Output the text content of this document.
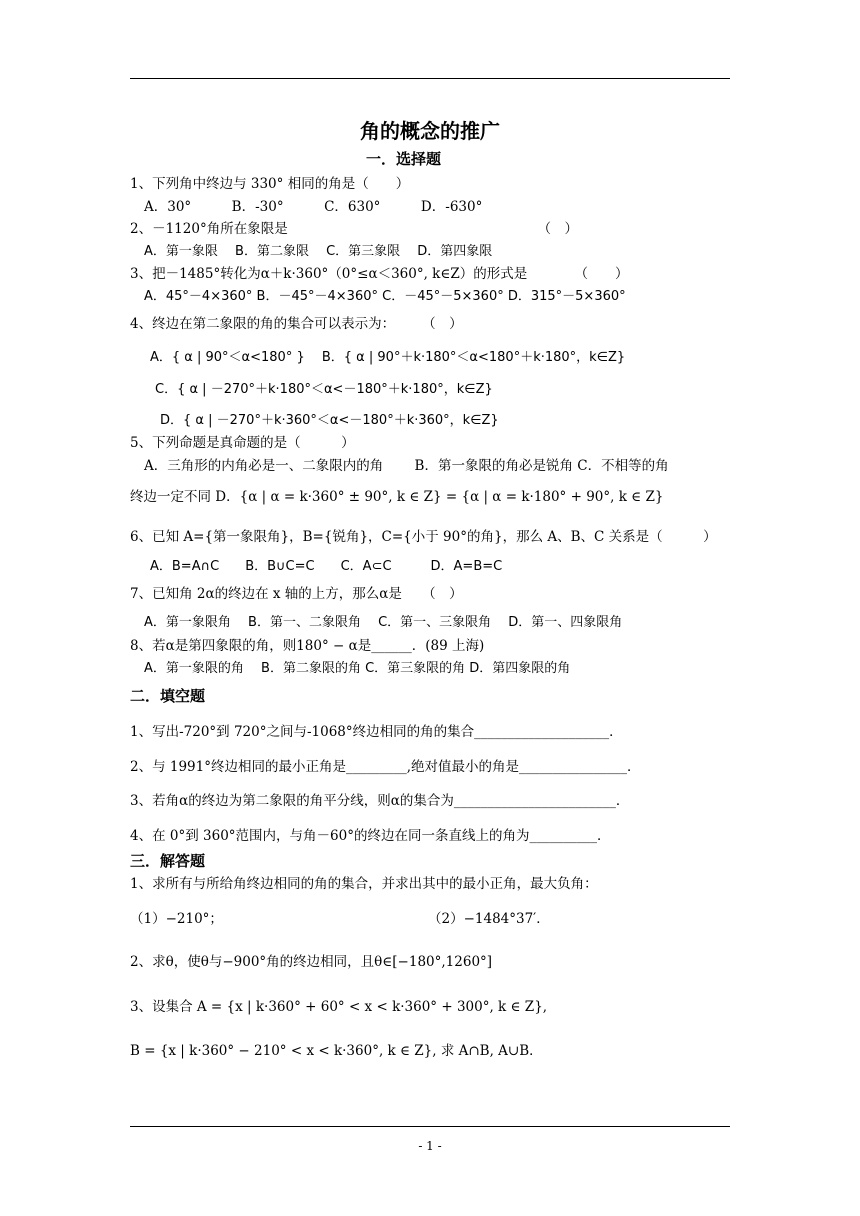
角的概念的推广
一．选择题
1、下列角中终边与 330° 相同的角是（　　）
A．30°　　　B．-30°　　　C．630°　　　D．-630°
2、－1120°角所在象限是　　　　　　　　　　　　　　　　　　　（　）
A．第一象限　 B．第二象限　 C．第三象限　 D．第四象限
3、把－1485°转化为α＋k·360°（0°≤α＜360°, k∈Z）的形式是　　　　（　　）
A．45°－4×360° B．－45°－4×360° C．－45°－5×360° D．315°－5×360°
4、终边在第二象限的角的集合可以表示为：　　　（　）
A．{ α | 90°＜α<180° }　 B．{ α | 90°＋k·180°＜α<180°＋k·180°，k∈Z}
C．{ α | －270°＋k·180°＜α<－180°＋k·180°，k∈Z}
D．{ α | －270°＋k·360°＜α<－180°＋k·360°，k∈Z}
5、下列命题是真命题的是（　　　）
A．三角形的内角必是一、二象限内的角　　 B．第一象限的角必是锐角 C．不相等的角
终边一定不同 D．{α | α = k·360° ± 90°, k ∈ Z} = {α | α = k·180° + 90°, k ∈ Z}
6、已知 A={第一象限角}，B={锐角}，C={小于 90°的角}，那么 A、B、C 关系是（　　　）
A．B=A∩C　　B．B∪C=C　　C．A⊂C　　　D．A=B=C
7、已知角 2α的终边在 x 轴的上方，那么α是　　（　）
A．第一象限角　 B．第一、二象限角　 C．第一、三象限角　 D．第一、四象限角
8、若α是第四象限的角，则180° − α是______．(89 上海)
A．第一象限的角　 B．第二象限的角 C．第三象限的角 D．第四象限的角
二．填空题
1、写出-720°到 720°之间与-1068°终边相同的角的集合____________________．
2、与 1991°终边相同的最小正角是_________,绝对值最小的角是________________．
3、若角α的终边为第二象限的角平分线，则α的集合为________________________．
4、在 0°到 360°范围内，与角－60°的终边在同一条直线上的角为__________．
三．解答题
1、求所有与所给角终边相同的角的集合，并求出其中的最小正角，最大负角：
（1）−210°；	（2）−1484°37′．
2、求θ，使θ与−900°角的终边相同，且θ∈[−180°,1260°]
3、设集合 A = {x | k·360° + 60° < x < k·360° + 300°, k ∈ Z},
B = {x | k·360° − 210° < x < k·360°, k ∈ Z}, 求 A∩B, A∪B．
- 1 -
